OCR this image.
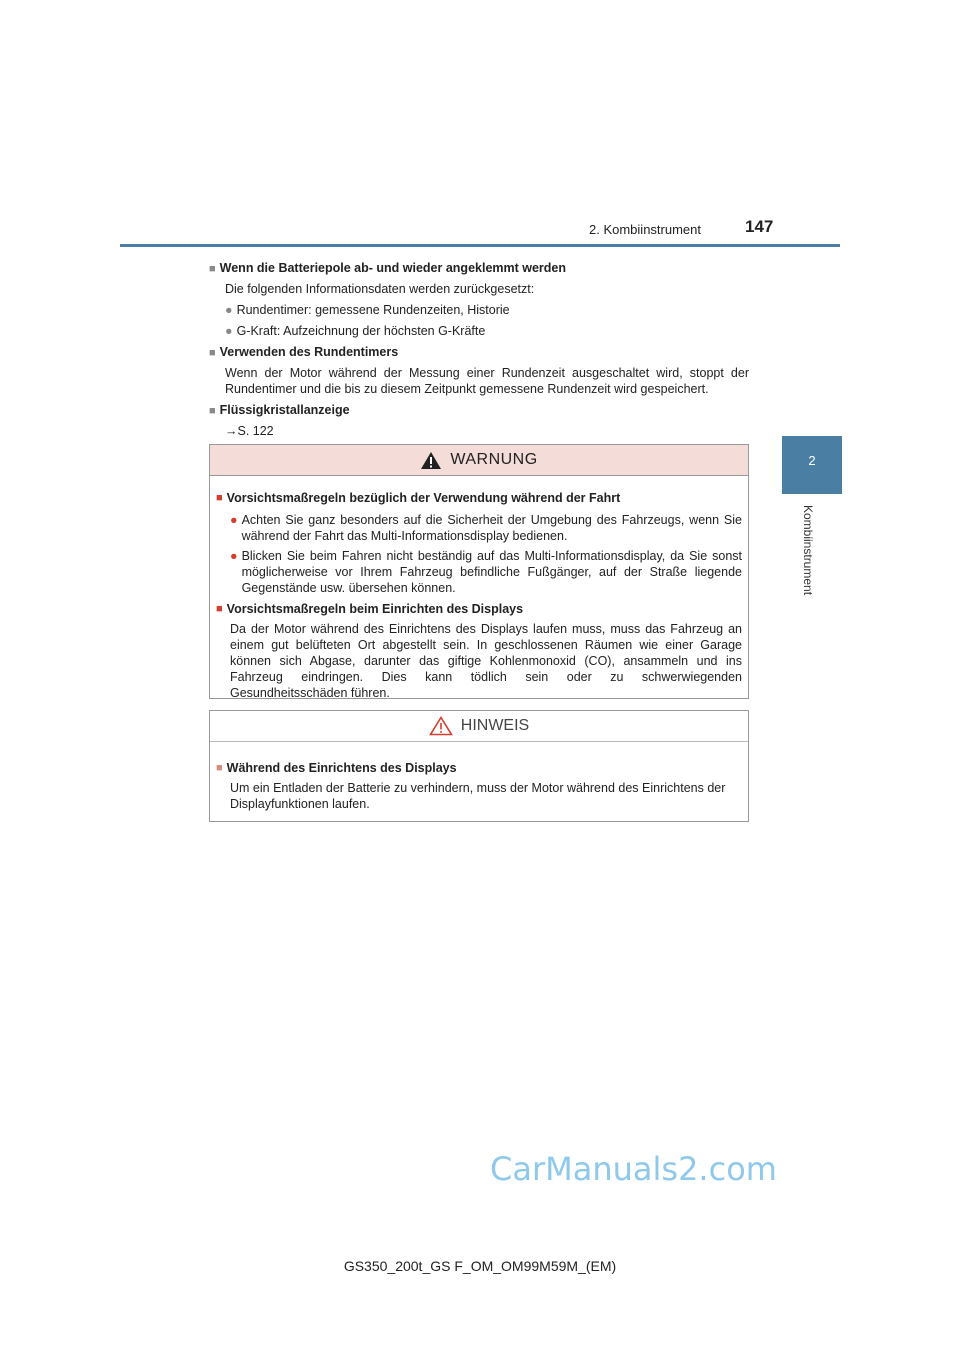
2. Kombiinstrument	147
2
Kombiinstrument
■ Wenn die Batteriepole ab- und wieder angeklemmt werden
Die folgenden Informationsdaten werden zurückgesetzt:
● Rundentimer: gemessene Rundenzeiten, Historie
● G-Kraft: Aufzeichnung der höchsten G-Kräfte
■ Verwenden des Rundentimers
Wenn der Motor während der Messung einer Rundenzeit ausgeschaltet wird, stoppt der Rundentimer und die bis zu diesem Zeitpunkt gemessene Rundenzeit wird gespeichert.
■ Flüssigkristallanzeige
→S. 122
WARNUNG
■ Vorsichtsmaßregeln bezüglich der Verwendung während der Fahrt
● Achten Sie ganz besonders auf die Sicherheit der Umgebung des Fahrzeugs, wenn Sie während der Fahrt das Multi-Informationsdisplay bedienen.
● Blicken Sie beim Fahren nicht beständig auf das Multi-Informationsdisplay, da Sie sonst möglicherweise vor Ihrem Fahrzeug befindliche Fußgänger, auf der Straße liegende Gegenstände usw. übersehen können.
■ Vorsichtsmaßregeln beim Einrichten des Displays
Da der Motor während des Einrichtens des Displays laufen muss, muss das Fahrzeug an einem gut belüfteten Ort abgestellt sein. In geschlossenen Räumen wie einer Garage können sich Abgase, darunter das giftige Kohlenmonoxid (CO), ansammeln und ins Fahrzeug eindringen. Dies kann tödlich sein oder zu schwerwiegenden Gesundheitsschäden führen.
HINWEIS
■ Während des Einrichtens des Displays
Um ein Entladen der Batterie zu verhindern, muss der Motor während des Einrichtens der Displayfunktionen laufen.
CarManuals2.com
GS350_200t_GS F_OM_OM99M59M_(EM)
